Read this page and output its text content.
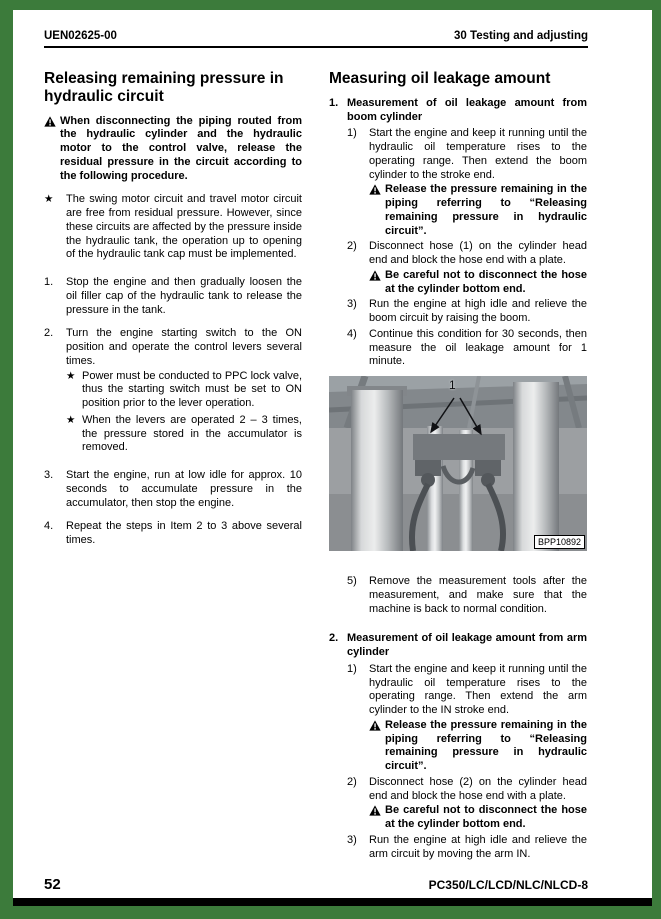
UEN02625-00	30 Testing and adjusting
Releasing remaining pressure in hydraulic circuit

When disconnecting the piping routed from the hydraulic cylinder and the hydraulic motor to the control valve, release the residual pressure in the circuit according to the following procedure.

★	The swing motor circuit and travel motor circuit are free from residual pressure. However, since these circuits are affected by the pressure inside the hydraulic tank, the operation up to opening of the hydraulic tank cap must be implemented.

1.	Stop the engine and then gradually loosen the oil filler cap of the hydraulic tank to release the pressure in the tank.

2.	Turn the engine starting switch to the ON position and operate the control levers several times.

★ Power must be conducted to PPC lock valve, thus the starting switch must be set to ON position prior to the lever operation.

★ When the levers are operated 2 – 3 times, the pressure stored in the accumulator is removed.

3.	Start the engine, run at low idle for approx. 10 seconds to accumulate pressure in the accumulator, then stop the engine.

4.	Repeat the steps in Item 2 to 3 above several times.

Measuring oil leakage amount
1. Measurement of oil leakage amount from boom cylinder

1)	Start the engine and keep it running until the hydraulic oil temperature rises to the operating range. Then extend the boom cylinder to the stroke end.

Release the pressure remaining in the piping referring to “Releasing remaining pressure in hydraulic circuit”.

2)	Disconnect hose (1) on the cylinder head end and block the hose end with a plate.

Be careful not to disconnect the hose at the cylinder bottom end.

3)	Run the engine at high idle and relieve the boom circuit by raising the boom.

4)	Continue this condition for 30 seconds, then measure the oil leakage amount for 1 minute.

1
BPP10892
5)	Remove the measurement tools after the measurement, and make sure that the machine is back to normal condition.

2. Measurement of oil leakage amount from arm cylinder

1)	Start the engine and keep it running until the hydraulic oil temperature rises to the operating range. Then extend the arm cylinder to the IN stroke end.

Release the pressure remaining in the piping referring to “Releasing remaining pressure in hydraulic circuit”.

2)	Disconnect hose (2) on the cylinder head end and block the hose end with a plate.

Be careful not to disconnect the hose at the cylinder bottom end.

3)	Run the engine at high idle and relieve the arm circuit by moving the arm IN.

52	PC350/LC/LCD/NLC/NLCD-8
